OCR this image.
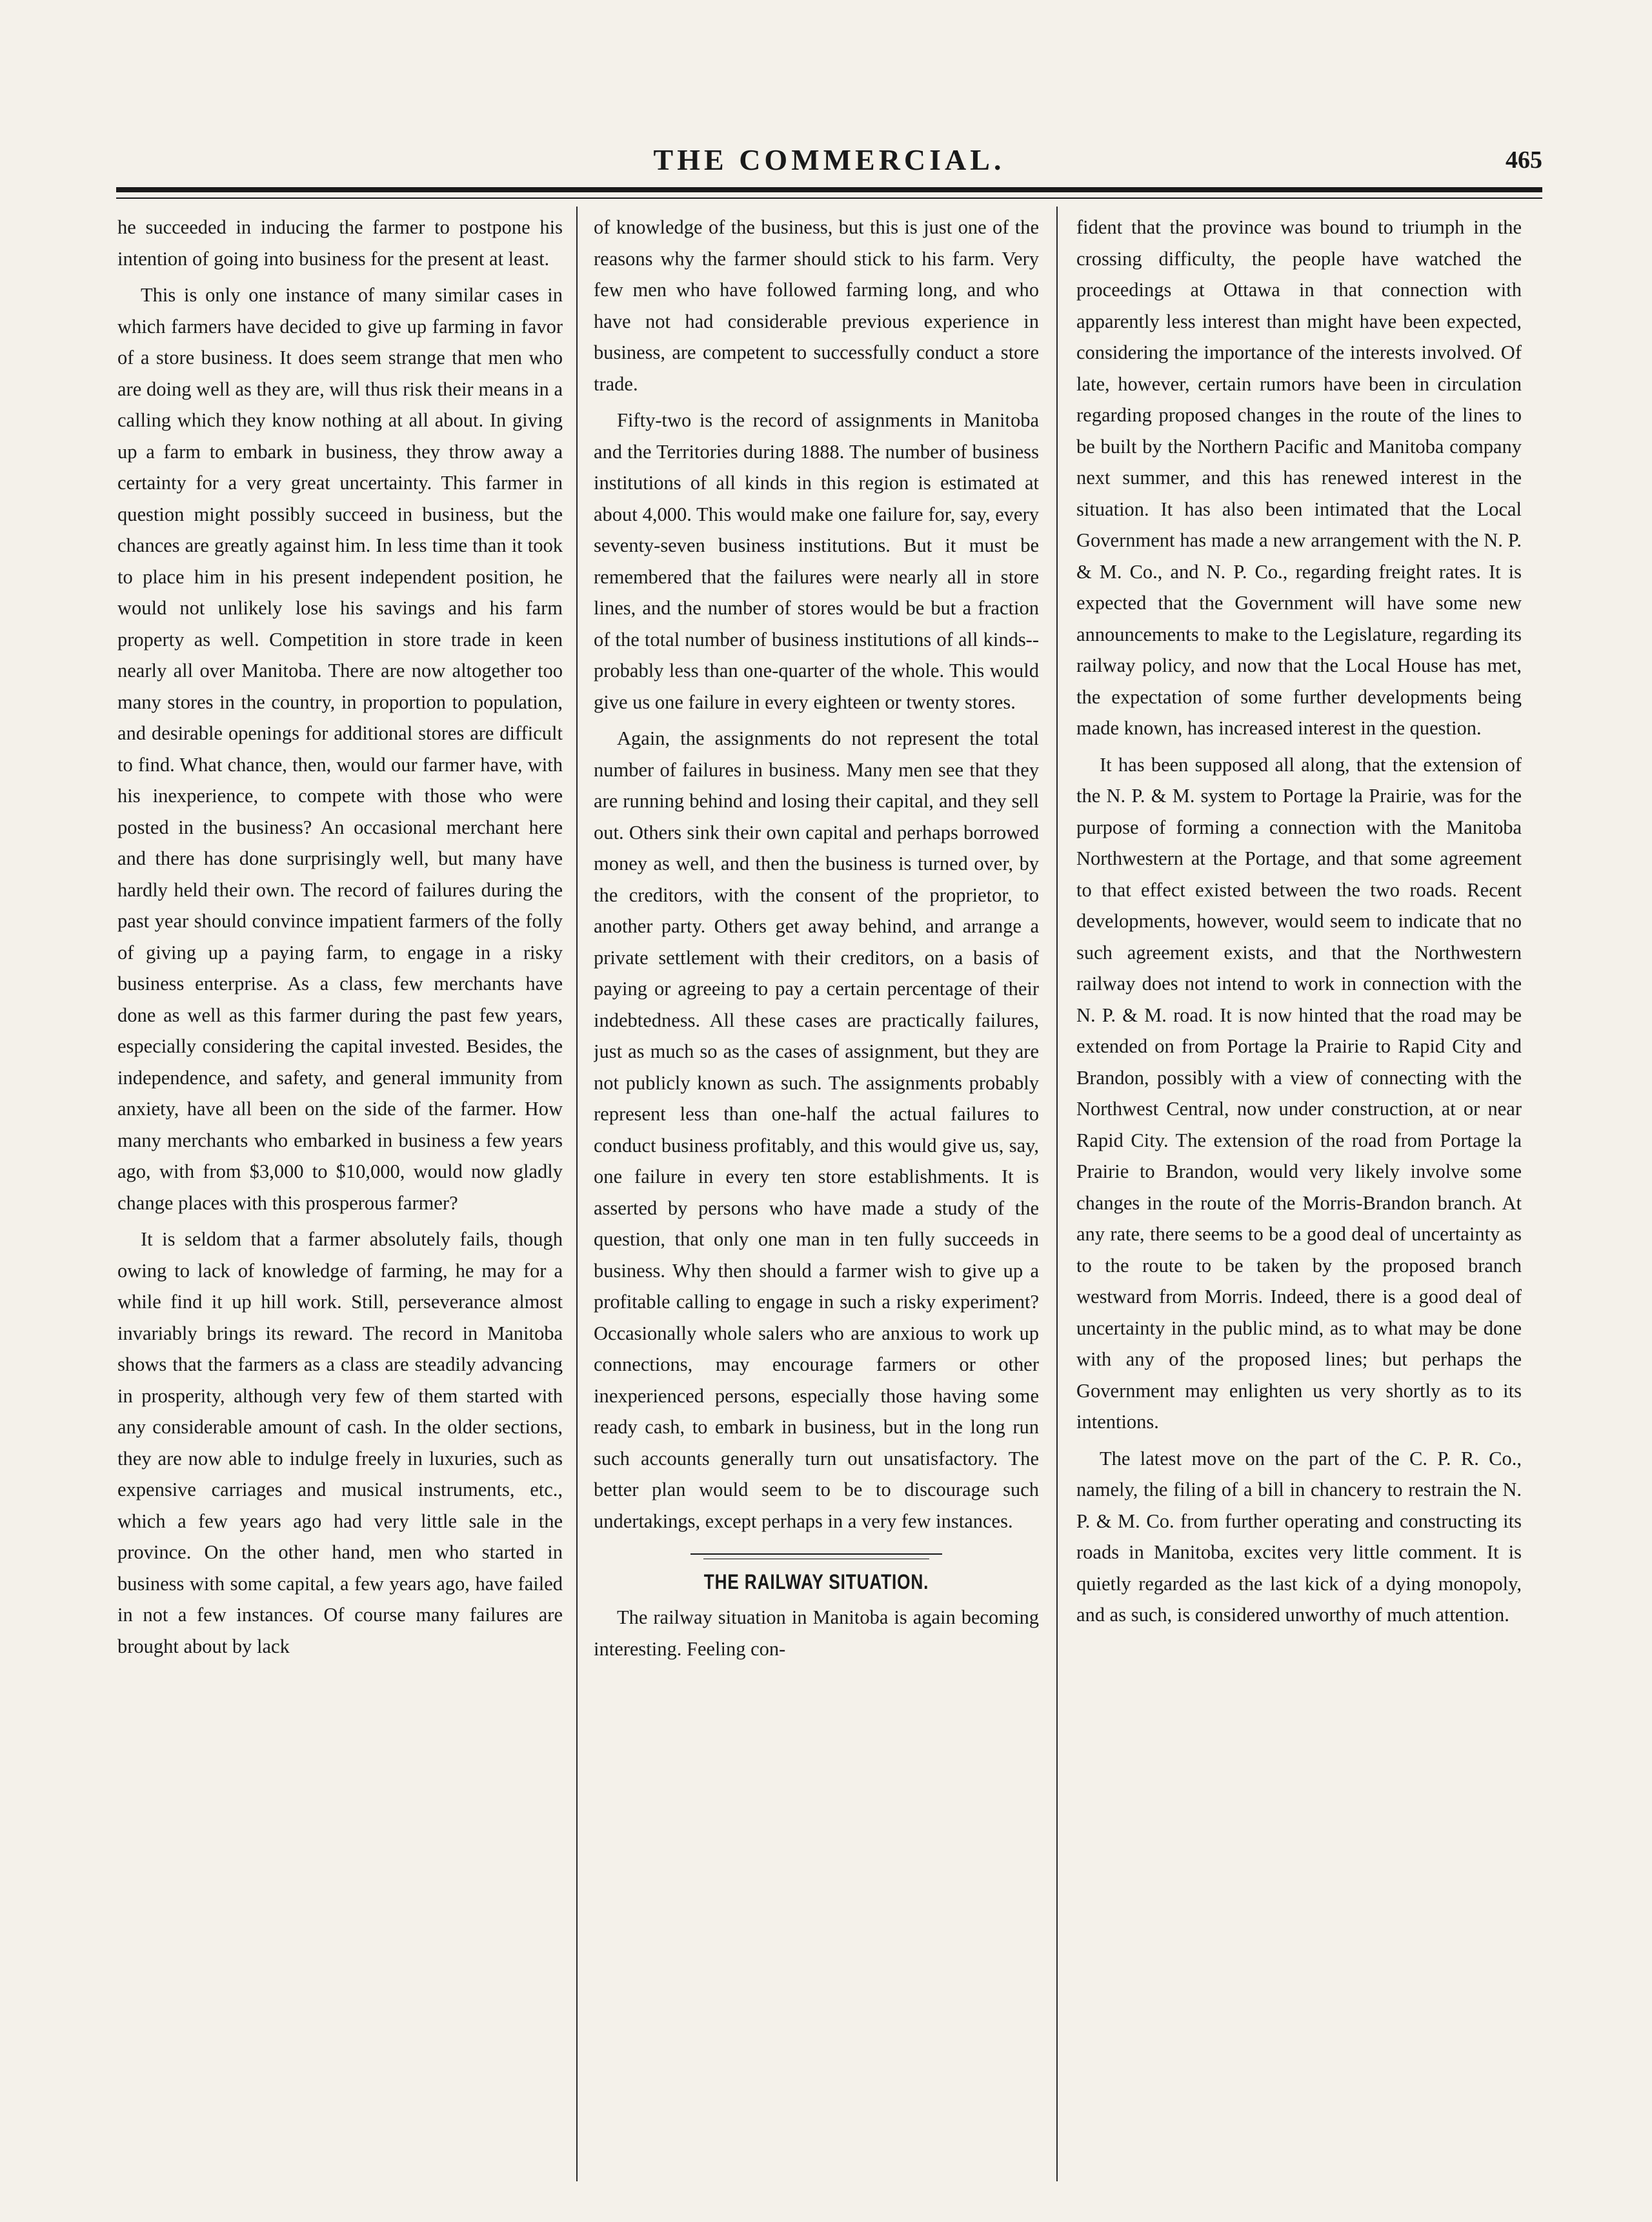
THE COMMERCIAL.	465

he succeeded in inducing the farmer to postpone his intention of going into business for the present at least.

This is only one instance of many similar cases in which farmers have decided to give up farming in favor of a store business. It does seem strange that men who are doing well as they are, will thus risk their means in a calling which they know nothing at all about. In giving up a farm to embark in business, they throw away a certainty for a very great uncertainty. This farmer in question might possibly succeed in business, but the chances are greatly against him. In less time than it took to place him in his present independent position, he would not unlikely lose his savings and his farm property as well. Competition in store trade in keen nearly all over Manitoba. There are now altogether too many stores in the country, in proportion to population, and desirable openings for additional stores are difficult to find. What chance, then, would our farmer have, with his inexperience, to compete with those who were posted in the business? An occasional merchant here and there has done surprisingly well, but many have hardly held their own. The record of failures during the past year should convince impatient farmers of the folly of giving up a paying farm, to engage in a risky business enterprise. As a class, few merchants have done as well as this farmer during the past few years, especially considering the capital invested. Besides, the independence, and safety, and general immunity from anxiety, have all been on the side of the farmer. How many merchants who embarked in business a few years ago, with from $3,000 to $10,000, would now gladly change places with this prosperous farmer?

It is seldom that a farmer absolutely fails, though owing to lack of knowledge of farming, he may for a while find it up hill work. Still, perseverance almost invariably brings its reward. The record in Manitoba shows that the farmers as a class are steadily advancing in prosperity, although very few of them started with any considerable amount of cash. In the older sections, they are now able to indulge freely in luxuries, such as expensive carriages and musical instruments, etc., which a few years ago had very little sale in the province. On the other hand, men who started in business with some capital, a few years ago, have failed in not a few instances. Of course many failures are brought about by lack

of knowledge of the business, but this is just one of the reasons why the farmer should stick to his farm. Very few men who have followed farming long, and who have not had considerable previous experience in business, are competent to successfully conduct a store trade.

Fifty-two is the record of assignments in Manitoba and the Territories during 1888. The number of business institutions of all kinds in this region is estimated at about 4,000. This would make one failure for, say, every seventy-seven business institutions. But it must be remembered that the failures were nearly all in store lines, and the number of stores would be but a fraction of the total number of business institutions of all kinds--probably less than one-quarter of the whole. This would give us one failure in every eighteen or twenty stores.

Again, the assignments do not represent the total number of failures in business. Many men see that they are running behind and losing their capital, and they sell out. Others sink their own capital and perhaps borrowed money as well, and then the business is turned over, by the creditors, with the consent of the proprietor, to another party. Others get away behind, and arrange a private settlement with their creditors, on a basis of paying or agreeing to pay a certain percentage of their indebtedness. All these cases are practically failures, just as much so as the cases of assignment, but they are not publicly known as such. The assignments probably represent less than one-half the actual failures to conduct business profitably, and this would give us, say, one failure in every ten store establishments. It is asserted by persons who have made a study of the question, that only one man in ten fully succeeds in business. Why then should a farmer wish to give up a profitable calling to engage in such a risky experiment? Occasionally whole salers who are anxious to work up connections, may encourage farmers or other inexperienced persons, especially those having some ready cash, to embark in business, but in the long run such accounts generally turn out unsatisfactory. The better plan would seem to be to discourage such undertakings, except perhaps in a very few instances.

THE RAILWAY SITUATION.

The railway situation in Manitoba is again becoming interesting. Feeling con-

fident that the province was bound to triumph in the crossing difficulty, the people have watched the proceedings at Ottawa in that connection with apparently less interest than might have been expected, considering the importance of the interests involved. Of late, however, certain rumors have been in circulation regarding proposed changes in the route of the lines to be built by the Northern Pacific and Manitoba company next summer, and this has renewed interest in the situation. It has also been intimated that the Local Government has made a new arrangement with the N. P. & M. Co., and N. P. Co., regarding freight rates. It is expected that the Government will have some new announcements to make to the Legislature, regarding its railway policy, and now that the Local House has met, the expectation of some further developments being made known, has increased interest in the question.

It has been supposed all along, that the extension of the N. P. & M. system to Portage la Prairie, was for the purpose of forming a connection with the Manitoba Northwestern at the Portage, and that some agreement to that effect existed between the two roads. Recent developments, however, would seem to indicate that no such agreement exists, and that the Northwestern railway does not intend to work in connection with the N. P. & M. road. It is now hinted that the road may be extended on from Portage la Prairie to Rapid City and Brandon, possibly with a view of connecting with the Northwest Central, now under construction, at or near Rapid City. The extension of the road from Portage la Prairie to Brandon, would very likely involve some changes in the route of the Morris-Brandon branch. At any rate, there seems to be a good deal of uncertainty as to the route to be taken by the proposed branch westward from Morris. Indeed, there is a good deal of uncertainty in the public mind, as to what may be done with any of the proposed lines; but perhaps the Government may enlighten us very shortly as to its intentions.

The latest move on the part of the C. P. R. Co., namely, the filing of a bill in chancery to restrain the N. P. & M. Co. from further operating and constructing its roads in Manitoba, excites very little comment. It is quietly regarded as the last kick of a dying monopoly, and as such, is considered unworthy of much attention.
